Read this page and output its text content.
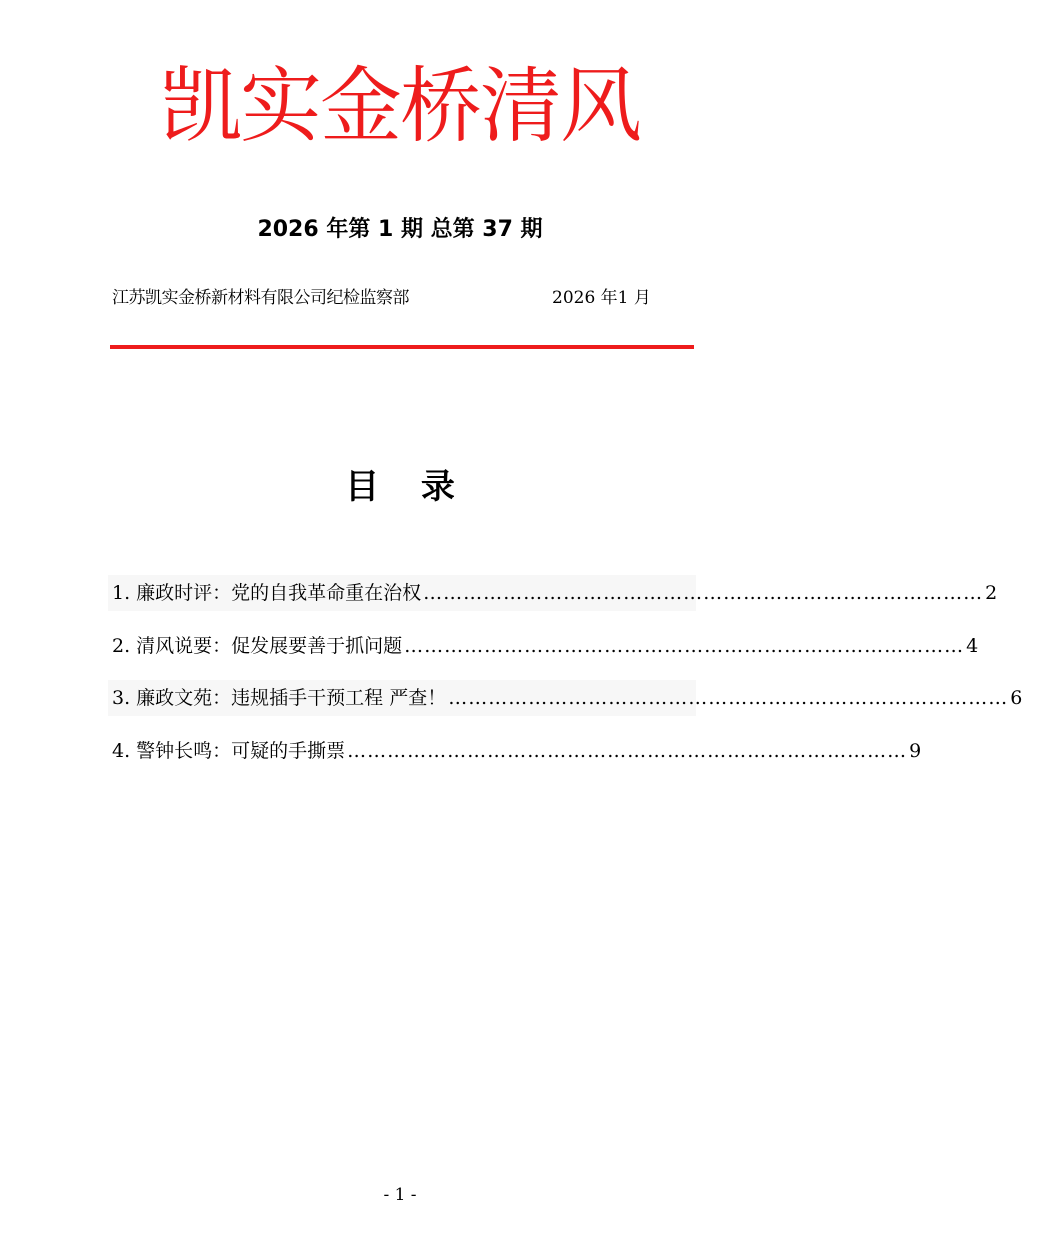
凯实金桥清风
2026 年第 1 期 总第 37 期
江苏凯实金桥新材料有限公司纪检监察部	2026 年1 月
目 录
1. 廉政时评：党的自我革命重在治权 ………………………………………………………………………… 2
2. 清风说要：促发展要善于抓问题 ………………………………………………………………………… 4
3. 廉政文苑：违规插手干预工程 严查！ ………………………………………………………………………… 6
4. 警钟长鸣：可疑的手撕票 ………………………………………………………………………… 9
- 1 -
